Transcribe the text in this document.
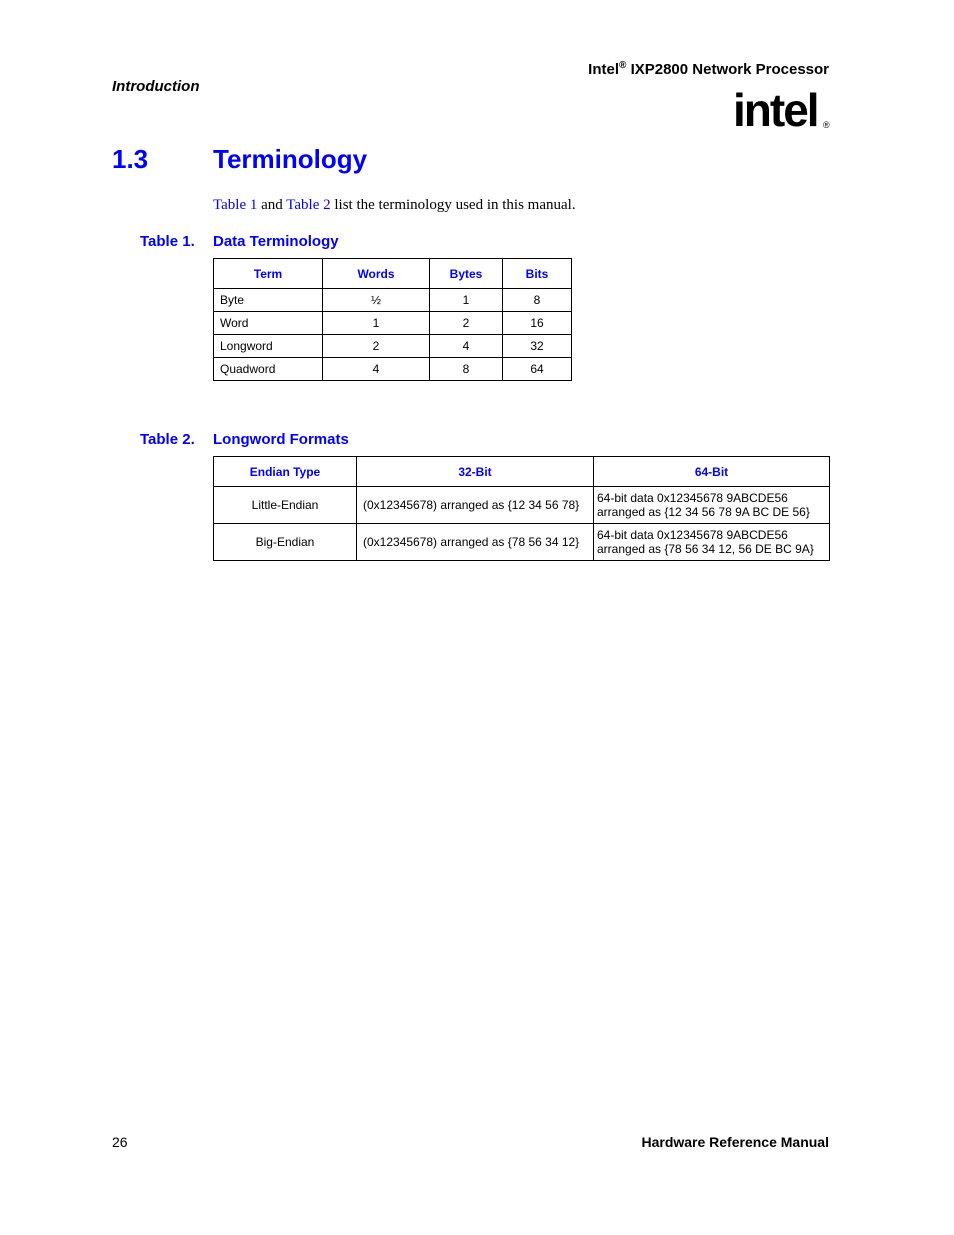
Introduction
Intel® IXP2800 Network Processor
intel ®
1.3 Terminology
Table 1 and Table 2 list the terminology used in this manual.
Table 1. Data Terminology
Term	Words	Bytes	Bits
Byte	½	1	8
Word	1	2	16
Longword	2	4	32
Quadword	4	8	64
Table 2. Longword Formats
Endian Type	32-Bit	64-Bit
Little-Endian	(0x12345678) arranged as {12 34 56 78}	64-bit data 0x12345678 9ABCDE56
arranged as {12 34 56 78 9A BC DE 56}

Big-Endian	(0x12345678) arranged as {78 56 34 12}	64-bit data 0x12345678 9ABCDE56
arranged as {78 56 34 12, 56 DE BC 9A}
26	Hardware Reference Manual
